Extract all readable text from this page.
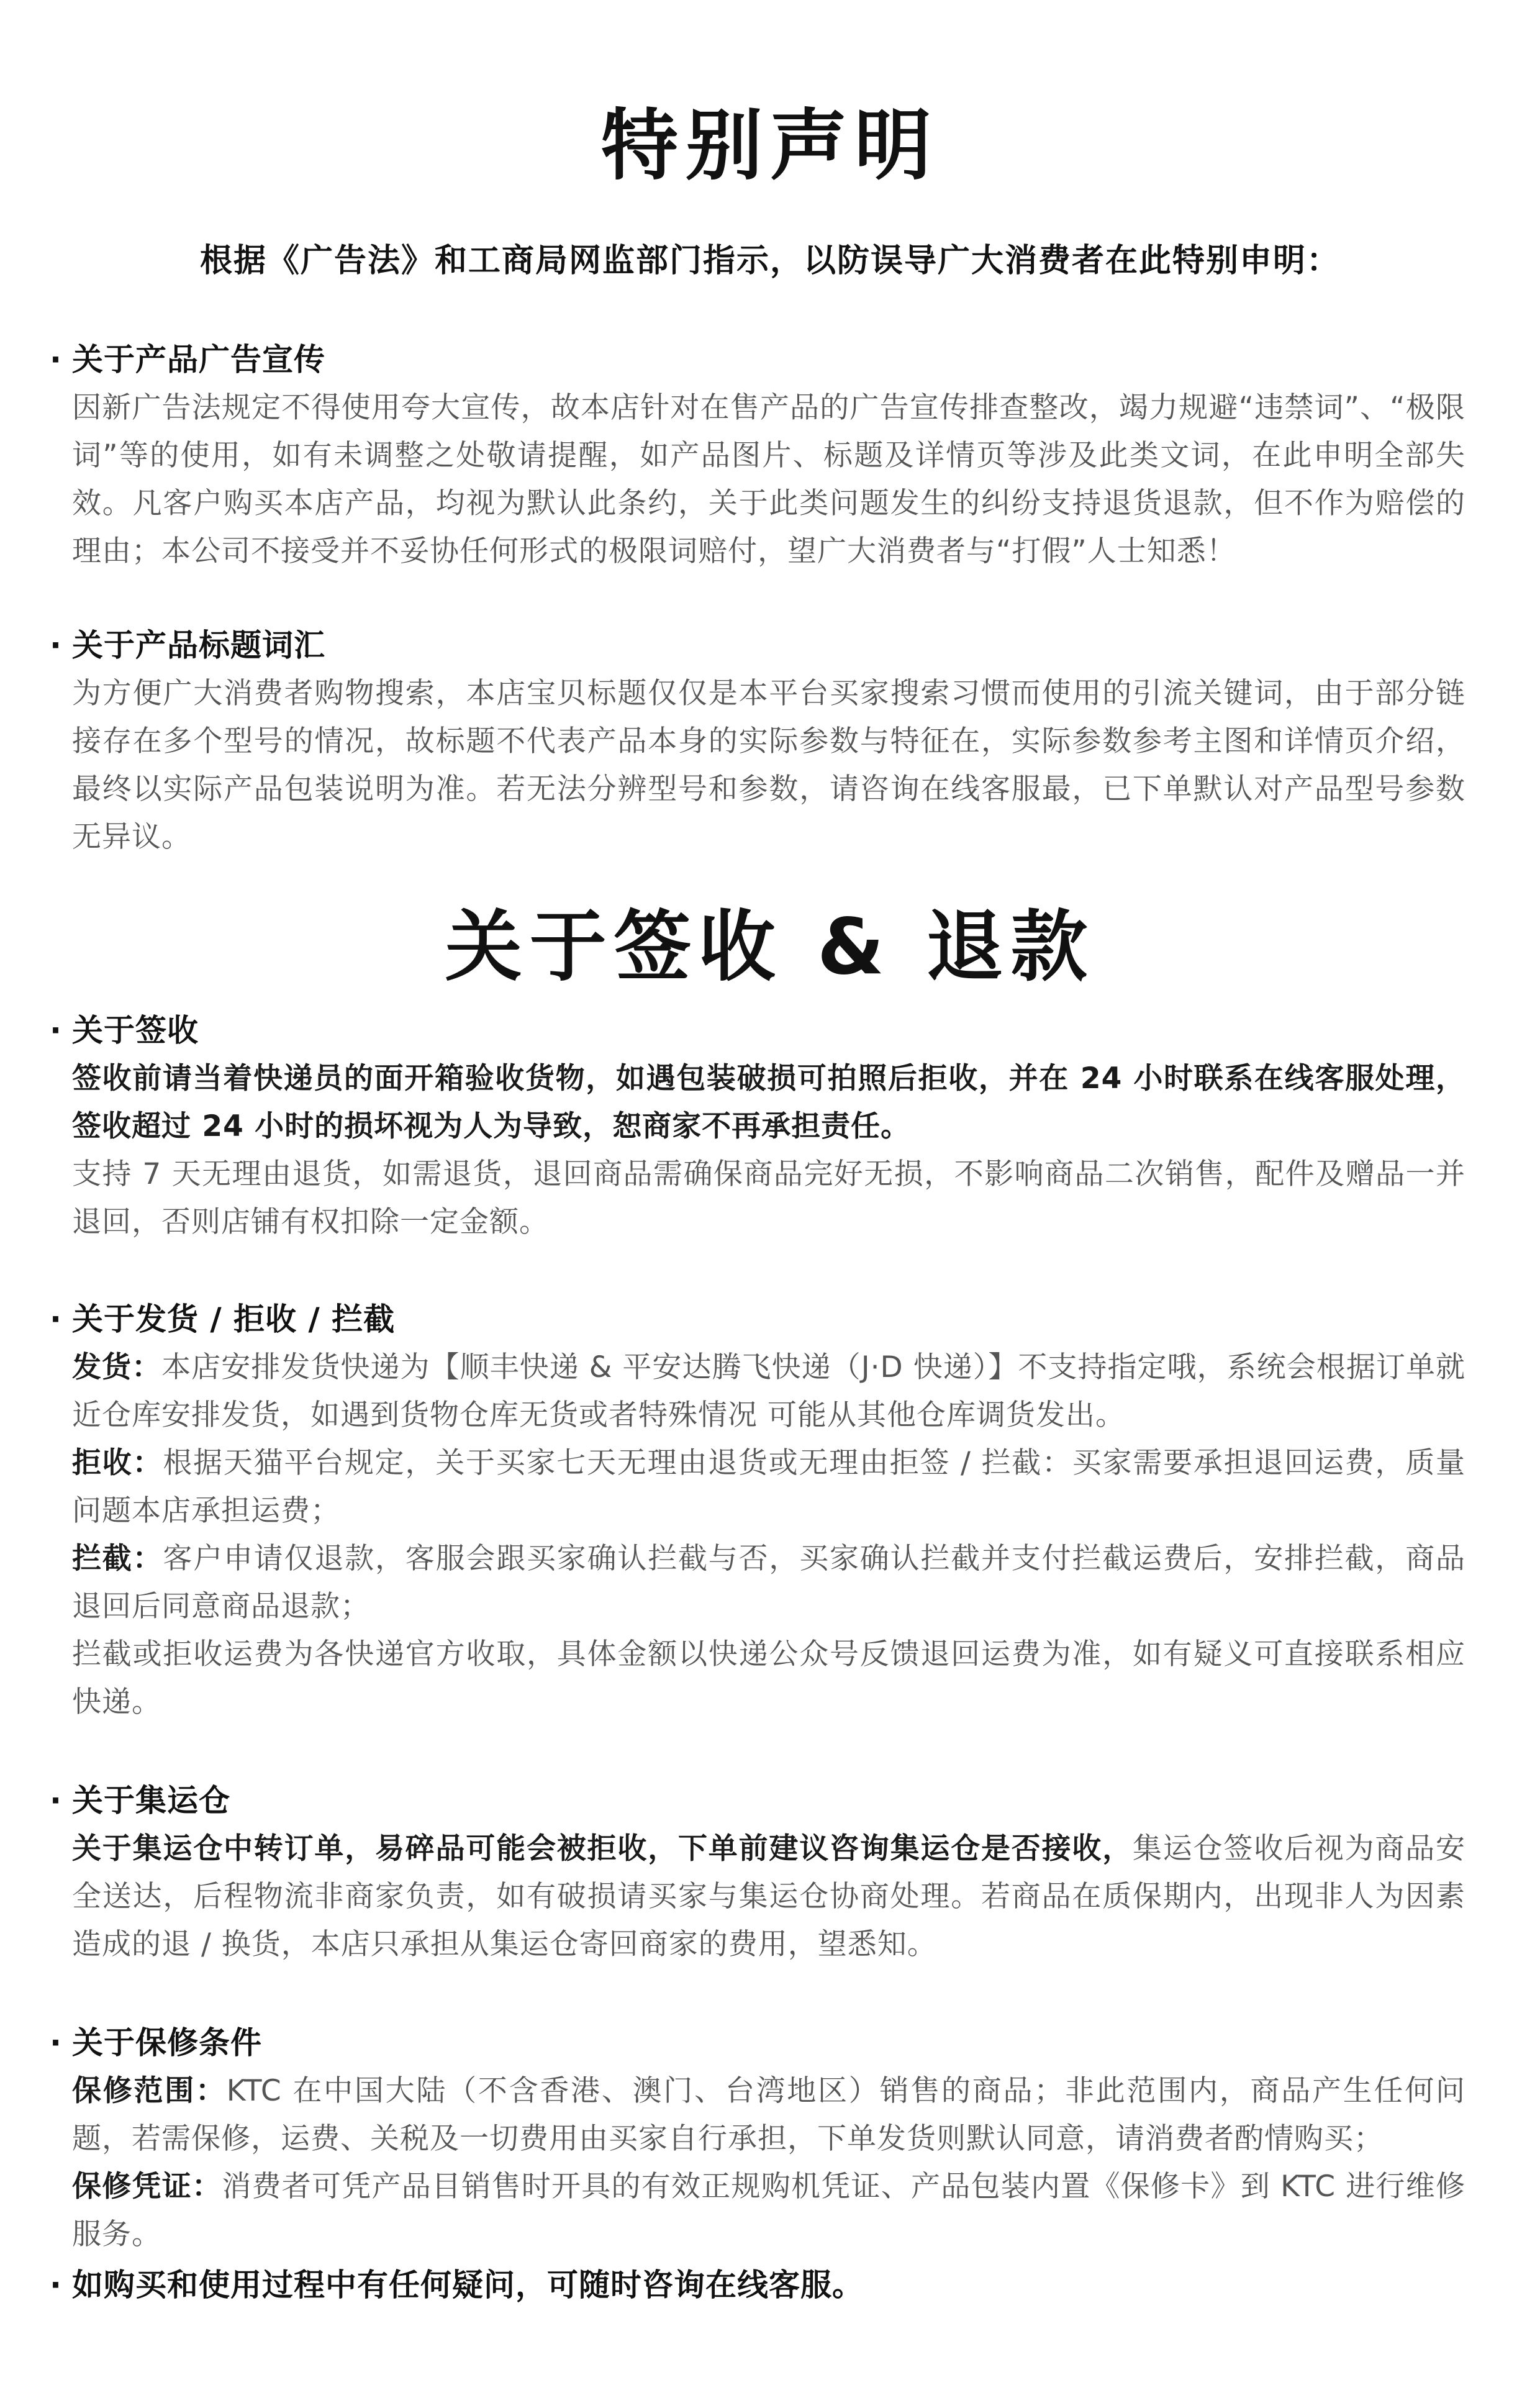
特别声明

根据《广告法》和工商局网监部门指示，以防误导广大消费者在此特别申明：

· 关于产品广告宣传

因新广告法规定不得使用夸大宣传，故本店针对在售产品的广告宣传排查整改，竭力规避“违禁词”、“极限词”等的使用，如有未调整之处敬请提醒，如产品图片、标题及详情页等涉及此类文词，在此申明全部失效。凡客户购买本店产品，均视为默认此条约，关于此类问题发生的纠纷支持退货退款，但不作为赔偿的理由；本公司不接受并不妥协任何形式的极限词赔付，望广大消费者与“打假”人士知悉！

· 关于产品标题词汇

为方便广大消费者购物搜索，本店宝贝标题仅仅是本平台买家搜索习惯而使用的引流关键词，由于部分链接存在多个型号的情况，故标题不代表产品本身的实际参数与特征在，实际参数参考主图和详情页介绍，最终以实际产品包装说明为准。若无法分辨型号和参数，请咨询在线客服最，已下单默认对产品型号参数无异议。

关于签收 & 退款

· 关于签收

签收前请当着快递员的面开箱验收货物，如遇包装破损可拍照后拒收，并在 24 小时联系在线客服处理，签收超过 24 小时的损坏视为人为导致，恕商家不再承担责任。

支持 7 天无理由退货，如需退货，退回商品需确保商品完好无损，不影响商品二次销售，配件及赠品一并退回，否则店铺有权扣除一定金额。

· 关于发货 / 拒收 / 拦截

发货：本店安排发货快递为【顺丰快递 & 平安达腾飞快递（J·D 快递）】不支持指定哦，系统会根据订单就近仓库安排发货，如遇到货物仓库无货或者特殊情况 可能从其他仓库调货发出。

拒收：根据天猫平台规定，关于买家七天无理由退货或无理由拒签 / 拦截：买家需要承担退回运费，质量问题本店承担运费；

拦截：客户申请仅退款，客服会跟买家确认拦截与否，买家确认拦截并支付拦截运费后，安排拦截，商品退回后同意商品退款；

拦截或拒收运费为各快递官方收取，具体金额以快递公众号反馈退回运费为准，如有疑义可直接联系相应快递。

· 关于集运仓

关于集运仓中转订单，易碎品可能会被拒收，下单前建议咨询集运仓是否接收，集运仓签收后视为商品安全送达，后程物流非商家负责，如有破损请买家与集运仓协商处理。若商品在质保期内，出现非人为因素造成的退 / 换货，本店只承担从集运仓寄回商家的费用，望悉知。

· 关于保修条件

保修范围：KTC 在中国大陆（不含香港、澳门、台湾地区）销售的商品；非此范围内，商品产生任何问题，若需保修，运费、关税及一切费用由买家自行承担，下单发货则默认同意，请消费者酌情购买；

保修凭证：消费者可凭产品目销售时开具的有效正规购机凭证、产品包装内置《保修卡》到 KTC 进行维修服务。

· 如购买和使用过程中有任何疑问，可随时咨询在线客服。
